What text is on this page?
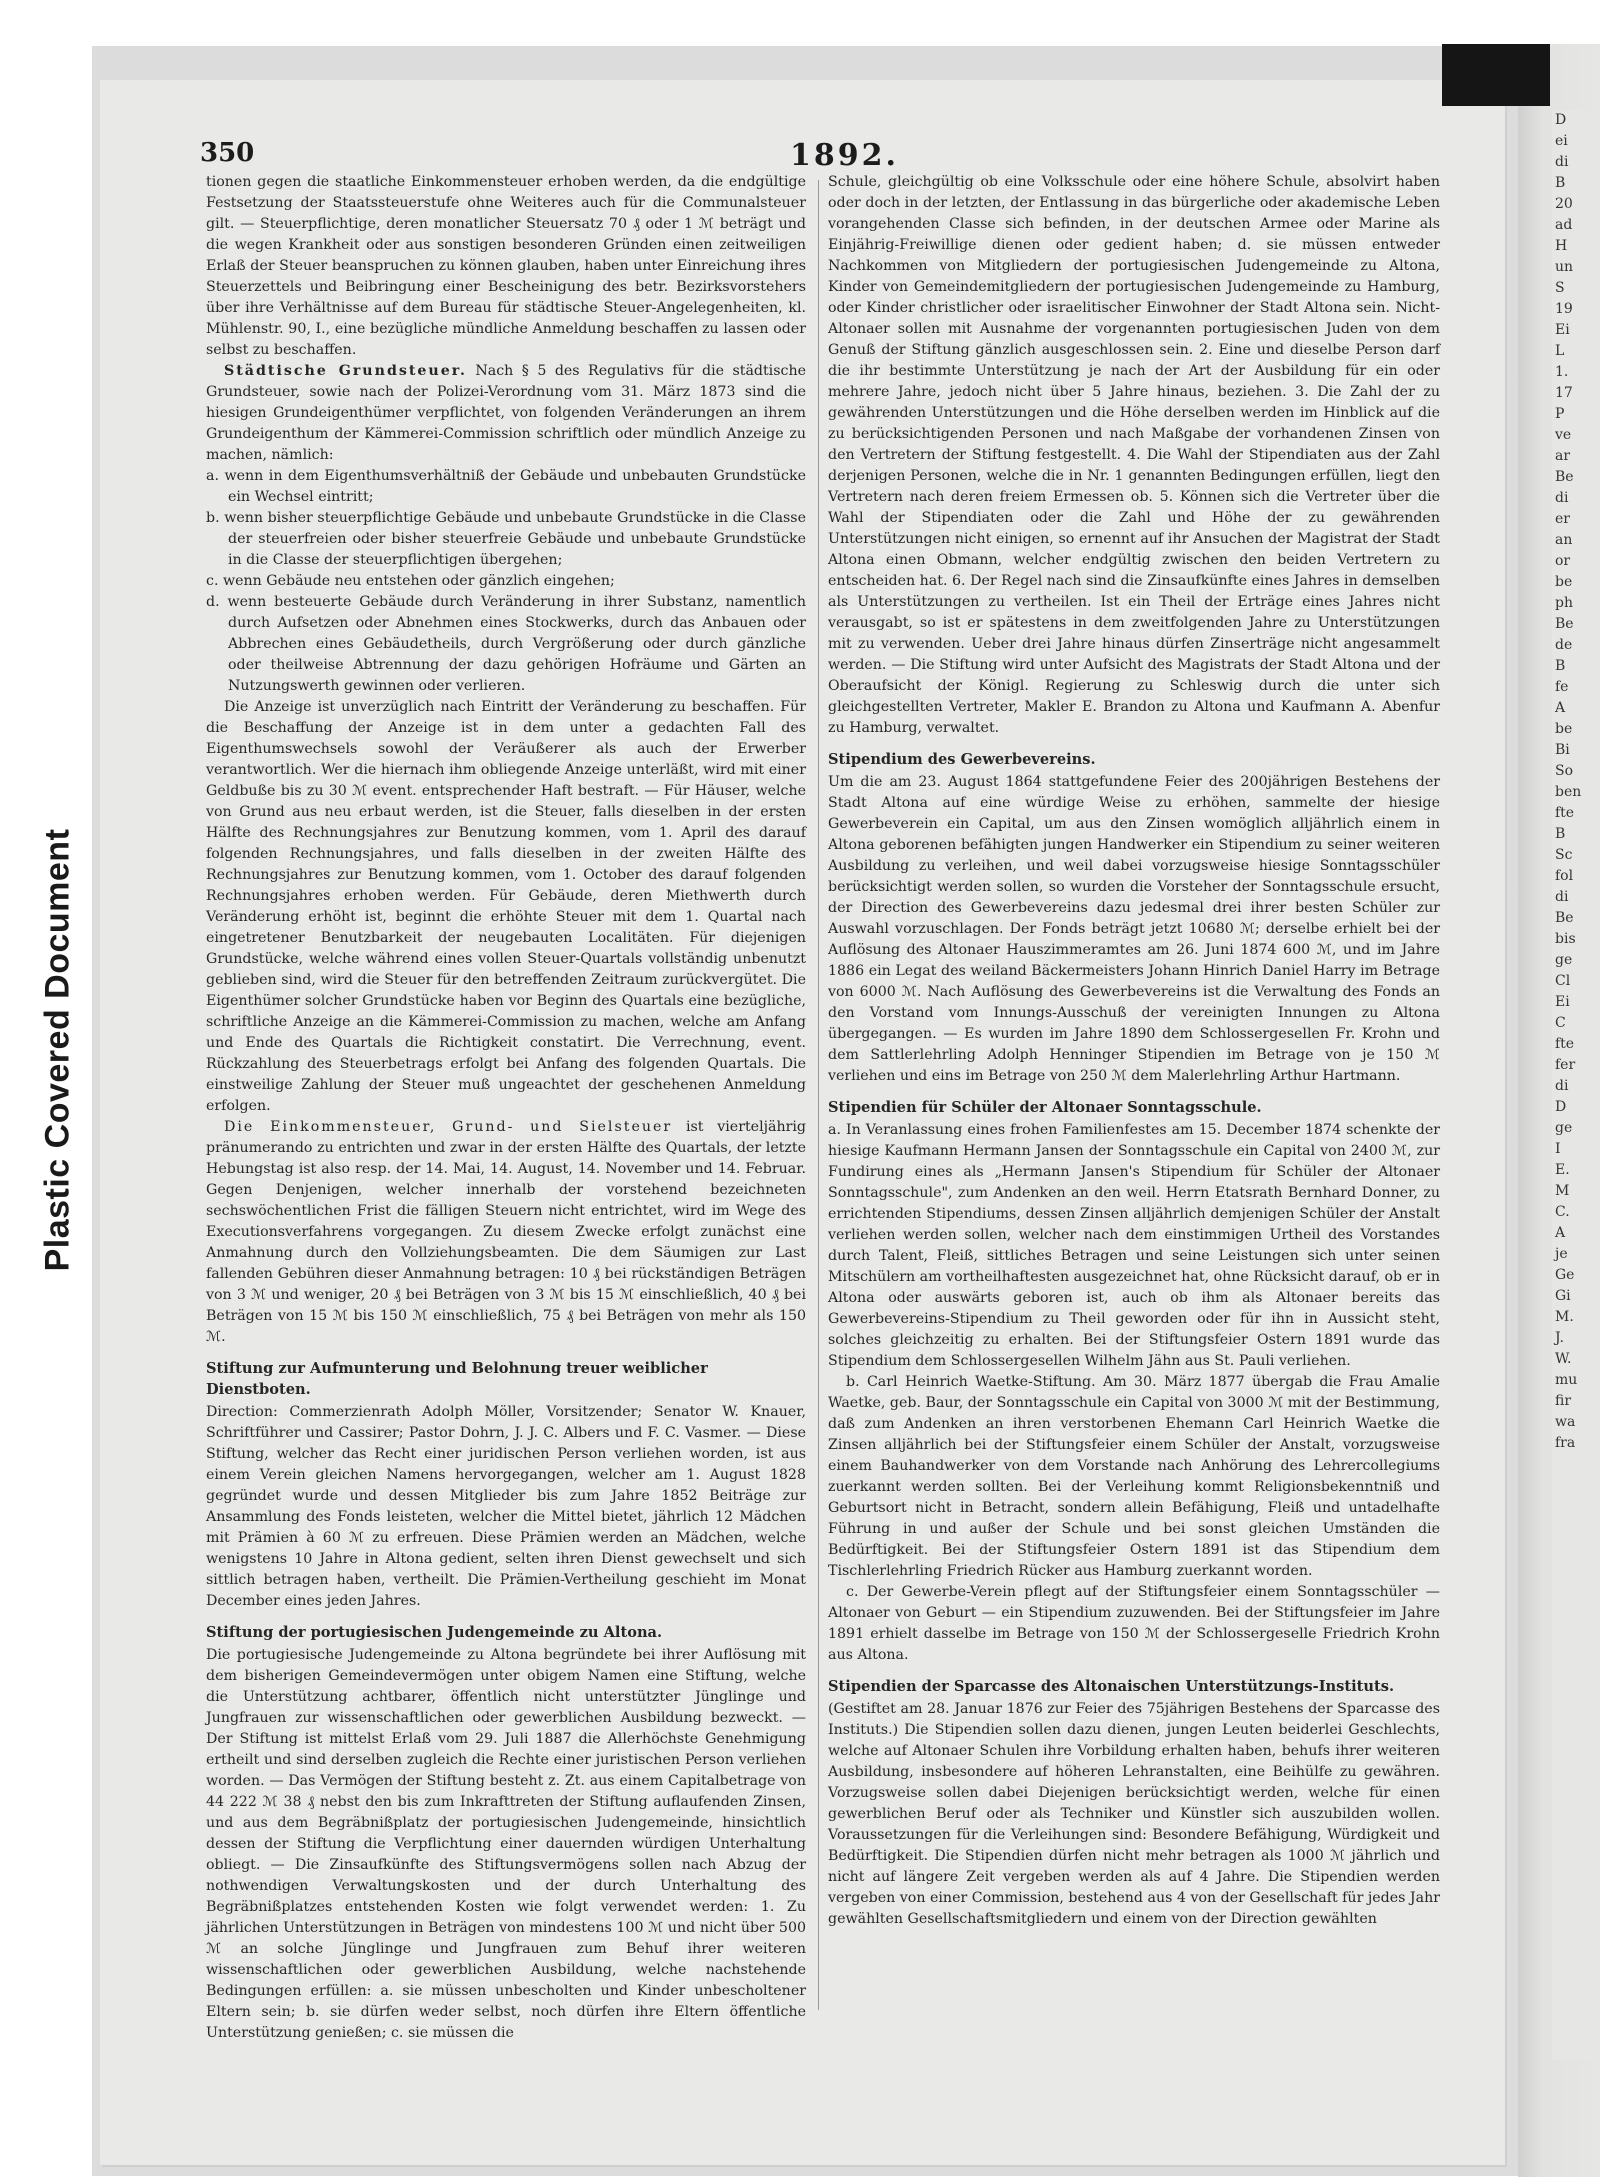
D
ei
di
B
20
ad
H
un
S
19
Ei
L
1.
17
P
ve
ar
Be
di
er
an
or
be
ph
Be
de
B
fe
A
be
Bi
So
ben
fte
B
Sc
fol
di
Be
bis
ge
Cl
Ei
C
fte
fer
di
D
ge
I
E.
M
C.
A
je
Ge
Gi
M.
J.
W.
mu
fir
wa
fra
Plastic Covered Document
350	1892.

tionen gegen die staatliche Einkommensteuer erhoben werden, da die endgültige Festsetzung der Staatssteuerstufe ohne Weiteres auch für die Communalsteuer gilt. — Steuerpflichtige, deren monatlicher Steuersatz 70 ₰ oder 1 ℳ beträgt und die wegen Krankheit oder aus sonstigen besonderen Gründen einen zeitweiligen Erlaß der Steuer beanspruchen zu können glauben, haben unter Einreichung ihres Steuerzettels und Beibringung einer Bescheinigung des betr. Bezirksvorstehers über ihre Verhältnisse auf dem Bureau für städtische Steuer-Angelegenheiten, kl. Mühlenstr. 90, I., eine bezügliche mündliche Anmeldung beschaffen zu lassen oder selbst zu beschaffen.

Städtische Grundsteuer. Nach § 5 des Regulativs für die städtische Grundsteuer, sowie nach der Polizei-Verordnung vom 31. März 1873 sind die hiesigen Grundeigenthümer verpflichtet, von folgenden Veränderungen an ihrem Grundeigenthum der Kämmerei-Commission schriftlich oder mündlich Anzeige zu machen, nämlich:

a. wenn in dem Eigenthumsverhältniß der Gebäude und unbebauten Grundstücke ein Wechsel eintritt;

b. wenn bisher steuerpflichtige Gebäude und unbebaute Grundstücke in die Classe der steuerfreien oder bisher steuerfreie Gebäude und unbebaute Grundstücke in die Classe der steuerpflichtigen übergehen;

c. wenn Gebäude neu entstehen oder gänzlich eingehen;

d. wenn besteuerte Gebäude durch Veränderung in ihrer Substanz, namentlich durch Aufsetzen oder Abnehmen eines Stockwerks, durch das Anbauen oder Abbrechen eines Gebäudetheils, durch Vergrößerung oder durch gänzliche oder theilweise Abtrennung der dazu gehörigen Hofräume und Gärten an Nutzungswerth gewinnen oder verlieren.

Die Anzeige ist unverzüglich nach Eintritt der Veränderung zu beschaffen. Für die Beschaffung der Anzeige ist in dem unter a gedachten Fall des Eigenthumswechsels sowohl der Veräußerer als auch der Erwerber verantwortlich. Wer die hiernach ihm obliegende Anzeige unterläßt, wird mit einer Geldbuße bis zu 30 ℳ event. entsprechender Haft bestraft. — Für Häuser, welche von Grund aus neu erbaut werden, ist die Steuer, falls dieselben in der ersten Hälfte des Rechnungsjahres zur Benutzung kommen, vom 1. April des darauf folgenden Rechnungsjahres, und falls dieselben in der zweiten Hälfte des Rechnungsjahres zur Benutzung kommen, vom 1. October des darauf folgenden Rechnungsjahres erhoben werden. Für Gebäude, deren Miethwerth durch Veränderung erhöht ist, beginnt die erhöhte Steuer mit dem 1. Quartal nach eingetretener Benutzbarkeit der neugebauten Localitäten. Für diejenigen Grundstücke, welche während eines vollen Steuer-Quartals vollständig unbenutzt geblieben sind, wird die Steuer für den betreffenden Zeitraum zurückvergütet. Die Eigenthümer solcher Grundstücke haben vor Beginn des Quartals eine bezügliche, schriftliche Anzeige an die Kämmerei-Commission zu machen, welche am Anfang und Ende des Quartals die Richtigkeit constatirt. Die Verrechnung, event. Rückzahlung des Steuerbetrags erfolgt bei Anfang des folgenden Quartals. Die einstweilige Zahlung der Steuer muß ungeachtet der geschehenen Anmeldung erfolgen.

Die Einkommensteuer, Grund- und Sielsteuer ist vierteljährig pränumerando zu entrichten und zwar in der ersten Hälfte des Quartals, der letzte Hebungstag ist also resp. der 14. Mai, 14. August, 14. November und 14. Februar. Gegen Denjenigen, welcher innerhalb der vorstehend bezeichneten sechswöchentlichen Frist die fälligen Steuern nicht entrichtet, wird im Wege des Executionsverfahrens vorgegangen. Zu diesem Zwecke erfolgt zunächst eine Anmahnung durch den Vollziehungsbeamten. Die dem Säumigen zur Last fallenden Gebühren dieser Anmahnung betragen: 10 ₰ bei rückständigen Beträgen von 3 ℳ und weniger, 20 ₰ bei Beträgen von 3 ℳ bis 15 ℳ einschließlich, 40 ₰ bei Beträgen von 15 ℳ bis 150 ℳ einschließlich, 75 ₰ bei Beträgen von mehr als 150 ℳ.

Stiftung zur Aufmunterung und Belohnung treuer weiblicher Dienstboten.

Direction: Commerzienrath Adolph Möller, Vorsitzender; Senator W. Knauer, Schriftführer und Cassirer; Pastor Dohrn, J. J. C. Albers und F. C. Vasmer. — Diese Stiftung, welcher das Recht einer juridischen Person verliehen worden, ist aus einem Verein gleichen Namens hervorgegangen, welcher am 1. August 1828 gegründet wurde und dessen Mitglieder bis zum Jahre 1852 Beiträge zur Ansammlung des Fonds leisteten, welcher die Mittel bietet, jährlich 12 Mädchen mit Prämien à 60 ℳ zu erfreuen. Diese Prämien werden an Mädchen, welche wenigstens 10 Jahre in Altona gedient, selten ihren Dienst gewechselt und sich sittlich betragen haben, vertheilt. Die Prämien-Vertheilung geschieht im Monat December eines jeden Jahres.

Stiftung der portugiesischen Judengemeinde zu Altona.

Die portugiesische Judengemeinde zu Altona begründete bei ihrer Auflösung mit dem bisherigen Gemeindevermögen unter obigem Namen eine Stiftung, welche die Unterstützung achtbarer, öffentlich nicht unterstützter Jünglinge und Jungfrauen zur wissenschaftlichen oder gewerblichen Ausbildung bezweckt. — Der Stiftung ist mittelst Erlaß vom 29. Juli 1887 die Allerhöchste Genehmigung ertheilt und sind derselben zugleich die Rechte einer juristischen Person verliehen worden. — Das Vermögen der Stiftung besteht z. Zt. aus einem Capitalbetrage von 44 222 ℳ 38 ₰ nebst den bis zum Inkrafttreten der Stiftung auflaufenden Zinsen, und aus dem Begräbnißplatz der portugiesischen Judengemeinde, hinsichtlich dessen der Stiftung die Verpflichtung einer dauernden würdigen Unterhaltung obliegt. — Die Zinsaufkünfte des Stiftungsvermögens sollen nach Abzug der nothwendigen Verwaltungskosten und der durch Unterhaltung des Begräbnißplatzes entstehenden Kosten wie folgt verwendet werden: 1. Zu jährlichen Unterstützungen in Beträgen von mindestens 100 ℳ und nicht über 500 ℳ an solche Jünglinge und Jungfrauen zum Behuf ihrer weiteren wissenschaftlichen oder gewerblichen Ausbildung, welche nachstehende Bedingungen erfüllen: a. sie müssen unbescholten und Kinder unbescholtener Eltern sein; b. sie dürfen weder selbst, noch dürfen ihre Eltern öffentliche Unterstützung genießen; c. sie müssen die

Schule, gleichgültig ob eine Volksschule oder eine höhere Schule, absolvirt haben oder doch in der letzten, der Entlassung in das bürgerliche oder akademische Leben vorangehenden Classe sich befinden, in der deutschen Armee oder Marine als Einjährig-Freiwillige dienen oder gedient haben; d. sie müssen entweder Nachkommen von Mitgliedern der portugiesischen Judengemeinde zu Altona, Kinder von Gemeindemitgliedern der portugiesischen Judengemeinde zu Hamburg, oder Kinder christlicher oder israelitischer Einwohner der Stadt Altona sein. Nicht-Altonaer sollen mit Ausnahme der vorgenannten portugiesischen Juden von dem Genuß der Stiftung gänzlich ausgeschlossen sein. 2. Eine und dieselbe Person darf die ihr bestimmte Unterstützung je nach der Art der Ausbildung für ein oder mehrere Jahre, jedoch nicht über 5 Jahre hinaus, beziehen. 3. Die Zahl der zu gewährenden Unterstützungen und die Höhe derselben werden im Hinblick auf die zu berücksichtigenden Personen und nach Maßgabe der vorhandenen Zinsen von den Vertretern der Stiftung festgestellt. 4. Die Wahl der Stipendiaten aus der Zahl derjenigen Personen, welche die in Nr. 1 genannten Bedingungen erfüllen, liegt den Vertretern nach deren freiem Ermessen ob. 5. Können sich die Vertreter über die Wahl der Stipendiaten oder die Zahl und Höhe der zu gewährenden Unterstützungen nicht einigen, so ernennt auf ihr Ansuchen der Magistrat der Stadt Altona einen Obmann, welcher endgültig zwischen den beiden Vertretern zu entscheiden hat. 6. Der Regel nach sind die Zinsaufkünfte eines Jahres in demselben als Unterstützungen zu vertheilen. Ist ein Theil der Erträge eines Jahres nicht verausgabt, so ist er spätestens in dem zweitfolgenden Jahre zu Unterstützungen mit zu verwenden. Ueber drei Jahre hinaus dürfen Zinserträge nicht angesammelt werden. — Die Stiftung wird unter Aufsicht des Magistrats der Stadt Altona und der Oberaufsicht der Königl. Regierung zu Schleswig durch die unter sich gleichgestellten Vertreter, Makler E. Brandon zu Altona und Kaufmann A. Abenfur zu Hamburg, verwaltet.

Stipendium des Gewerbevereins.

Um die am 23. August 1864 stattgefundene Feier des 200jährigen Bestehens der Stadt Altona auf eine würdige Weise zu erhöhen, sammelte der hiesige Gewerbeverein ein Capital, um aus den Zinsen womöglich alljährlich einem in Altona geborenen befähigten jungen Handwerker ein Stipendium zu seiner weiteren Ausbildung zu verleihen, und weil dabei vorzugsweise hiesige Sonntagsschüler berücksichtigt werden sollen, so wurden die Vorsteher der Sonntagsschule ersucht, der Direction des Gewerbevereins dazu jedesmal drei ihrer besten Schüler zur Auswahl vorzuschlagen. Der Fonds beträgt jetzt 10680 ℳ; derselbe erhielt bei der Auflösung des Altonaer Hauszimmeramtes am 26. Juni 1874 600 ℳ, und im Jahre 1886 ein Legat des weiland Bäckermeisters Johann Hinrich Daniel Harry im Betrage von 6000 ℳ. Nach Auflösung des Gewerbevereins ist die Verwaltung des Fonds an den Vorstand vom Innungs-Ausschuß der vereinigten Innungen zu Altona übergegangen. — Es wurden im Jahre 1890 dem Schlossergesellen Fr. Krohn und dem Sattlerlehrling Adolph Henninger Stipendien im Betrage von je 150 ℳ verliehen und eins im Betrage von 250 ℳ dem Malerlehrling Arthur Hartmann.

Stipendien für Schüler der Altonaer Sonntagsschule.

a. In Veranlassung eines frohen Familienfestes am 15. December 1874 schenkte der hiesige Kaufmann Hermann Jansen der Sonntagsschule ein Capital von 2400 ℳ, zur Fundirung eines als „Hermann Jansen's Stipendium für Schüler der Altonaer Sonntagsschule", zum Andenken an den weil. Herrn Etatsrath Bernhard Donner, zu errichtenden Stipendiums, dessen Zinsen alljährlich demjenigen Schüler der Anstalt verliehen werden sollen, welcher nach dem einstimmigen Urtheil des Vorstandes durch Talent, Fleiß, sittliches Betragen und seine Leistungen sich unter seinen Mitschülern am vortheilhaftesten ausgezeichnet hat, ohne Rücksicht darauf, ob er in Altona oder auswärts geboren ist, auch ob ihm als Altonaer bereits das Gewerbevereins-Stipendium zu Theil geworden oder für ihn in Aussicht steht, solches gleichzeitig zu erhalten. Bei der Stiftungsfeier Ostern 1891 wurde das Stipendium dem Schlossergesellen Wilhelm Jähn aus St. Pauli verliehen.

b. Carl Heinrich Waetke-Stiftung. Am 30. März 1877 übergab die Frau Amalie Waetke, geb. Baur, der Sonntagsschule ein Capital von 3000 ℳ mit der Bestimmung, daß zum Andenken an ihren verstorbenen Ehemann Carl Heinrich Waetke die Zinsen alljährlich bei der Stiftungsfeier einem Schüler der Anstalt, vorzugsweise einem Bauhandwerker von dem Vorstande nach Anhörung des Lehrercollegiums zuerkannt werden sollten. Bei der Verleihung kommt Religionsbekenntniß und Geburtsort nicht in Betracht, sondern allein Befähigung, Fleiß und untadelhafte Führung in und außer der Schule und bei sonst gleichen Umständen die Bedürftigkeit. Bei der Stiftungsfeier Ostern 1891 ist das Stipendium dem Tischlerlehrling Friedrich Rücker aus Hamburg zuerkannt worden.

c. Der Gewerbe-Verein pflegt auf der Stiftungsfeier einem Sonntagsschüler — Altonaer von Geburt — ein Stipendium zuzuwenden. Bei der Stiftungsfeier im Jahre 1891 erhielt dasselbe im Betrage von 150 ℳ der Schlossergeselle Friedrich Krohn aus Altona.

Stipendien der Sparcasse des Altonaischen Unterstützungs-Instituts.

(Gestiftet am 28. Januar 1876 zur Feier des 75jährigen Bestehens der Sparcasse des Instituts.) Die Stipendien sollen dazu dienen, jungen Leuten beiderlei Geschlechts, welche auf Altonaer Schulen ihre Vorbildung erhalten haben, behufs ihrer weiteren Ausbildung, insbesondere auf höheren Lehranstalten, eine Beihülfe zu gewähren. Vorzugsweise sollen dabei Diejenigen berücksichtigt werden, welche für einen gewerblichen Beruf oder als Techniker und Künstler sich auszubilden wollen. Voraussetzungen für die Verleihungen sind: Besondere Befähigung, Würdigkeit und Bedürftigkeit. Die Stipendien dürfen nicht mehr betragen als 1000 ℳ jährlich und nicht auf längere Zeit vergeben werden als auf 4 Jahre. Die Stipendien werden vergeben von einer Commission, bestehend aus 4 von der Gesellschaft für jedes Jahr gewählten Gesellschaftsmitgliedern und einem von der Direction gewählten
